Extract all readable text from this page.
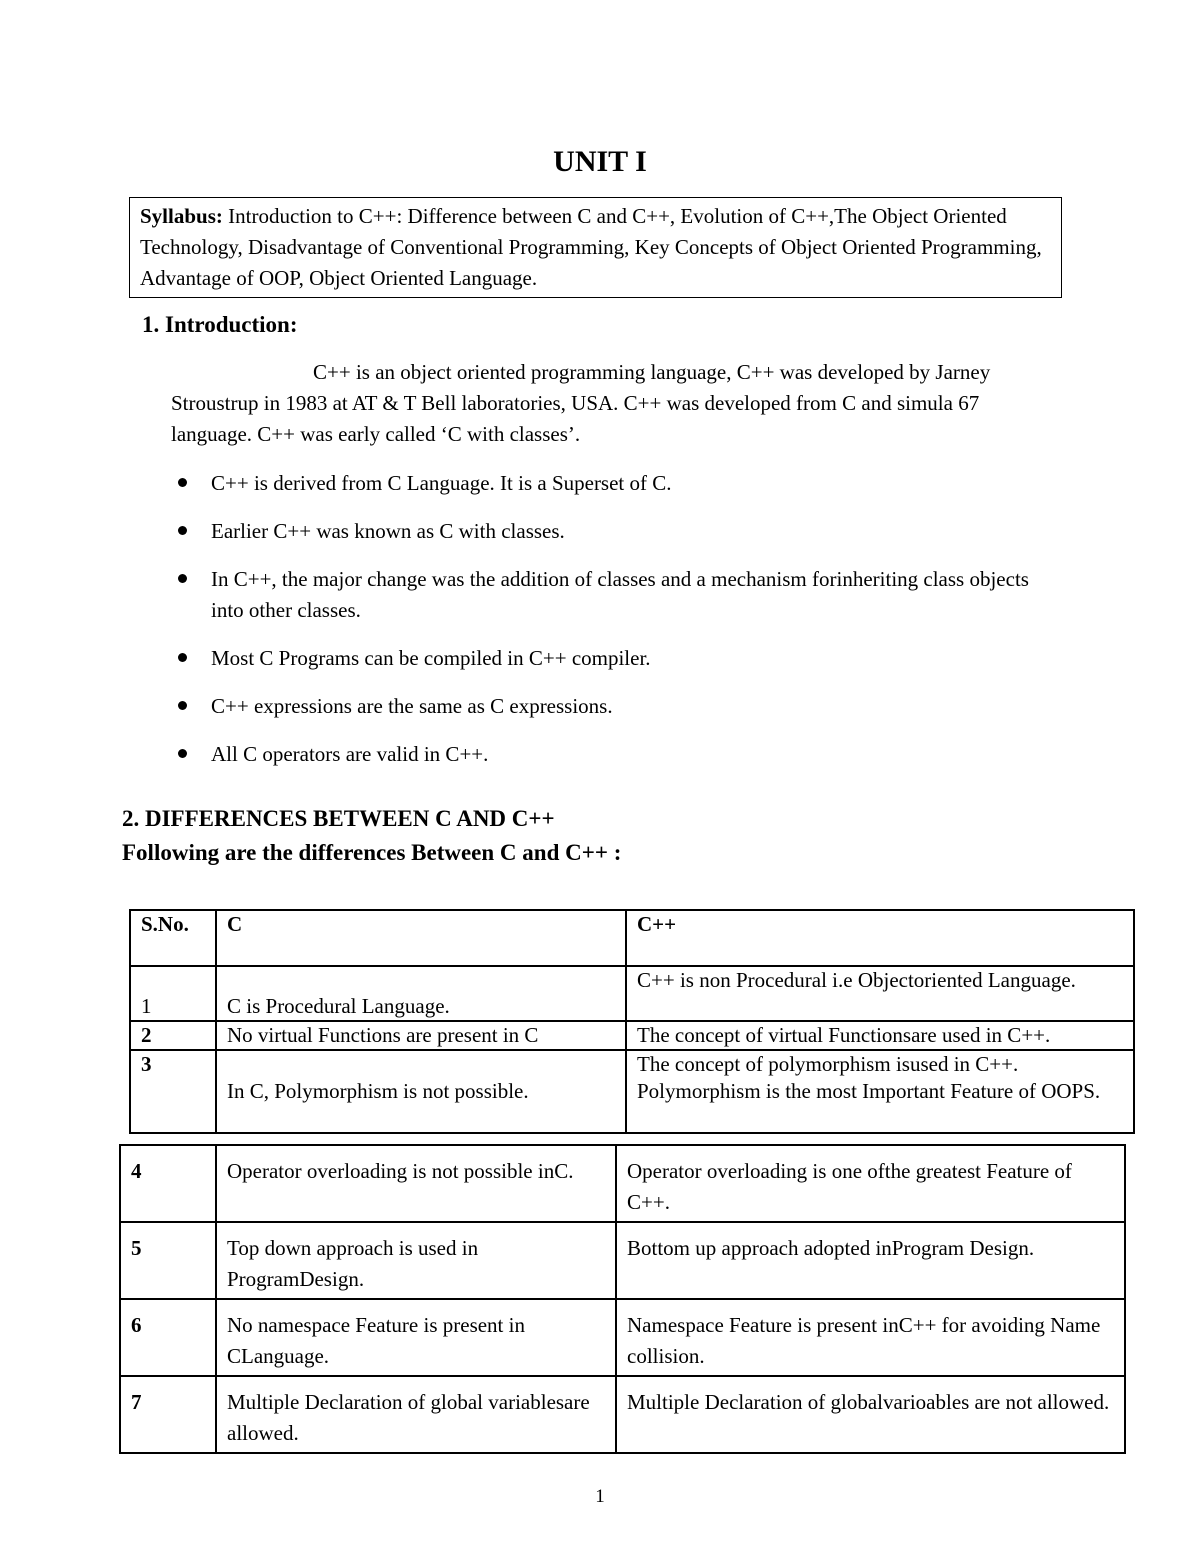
UNIT I
Syllabus: Introduction to C++: Difference between C and C++, Evolution of C++,The Object Oriented Technology, Disadvantage of Conventional Programming, Key Concepts of Object Oriented Programming, Advantage of OOP, Object Oriented Language.
1. Introduction:
C++ is an object oriented programming language, C++ was developed by Jarney Stroustrup in 1983 at AT & T Bell laboratories, USA. C++ was developed from C and simula 67 language. C++ was early called ‘C with classes’.
C++ is derived from C Language. It is a Superset of C.
Earlier C++ was known as C with classes.
In C++, the major change was the addition of classes and a mechanism forinheriting class objects into other classes.
Most C Programs can be compiled in C++ compiler.
C++ expressions are the same as C expressions.
All C operators are valid in C++.
2. DIFFERENCES BETWEEN C AND C++
Following are the differences Between C and C++ :
S.No.	C	C++
1	C is Procedural Language.	C++ is non Procedural i.e Objectoriented Language.
2	No virtual Functions are present in C	The concept of virtual Functionsare used in C++.
3	In C, Polymorphism is not possible.	The concept of polymorphism isused in C++. Polymorphism is the most Important Feature of OOPS.
4	Operator overloading is not possible inC.	Operator overloading is one ofthe greatest Feature of C++.
5	Top down approach is used in ProgramDesign.	Bottom up approach adopted inProgram Design.
6	No namespace Feature is present in CLanguage.	Namespace Feature is present inC++ for avoiding Name collision.
7	Multiple Declaration of global variablesare allowed.	Multiple Declaration of globalvarioables are not allowed.
1
